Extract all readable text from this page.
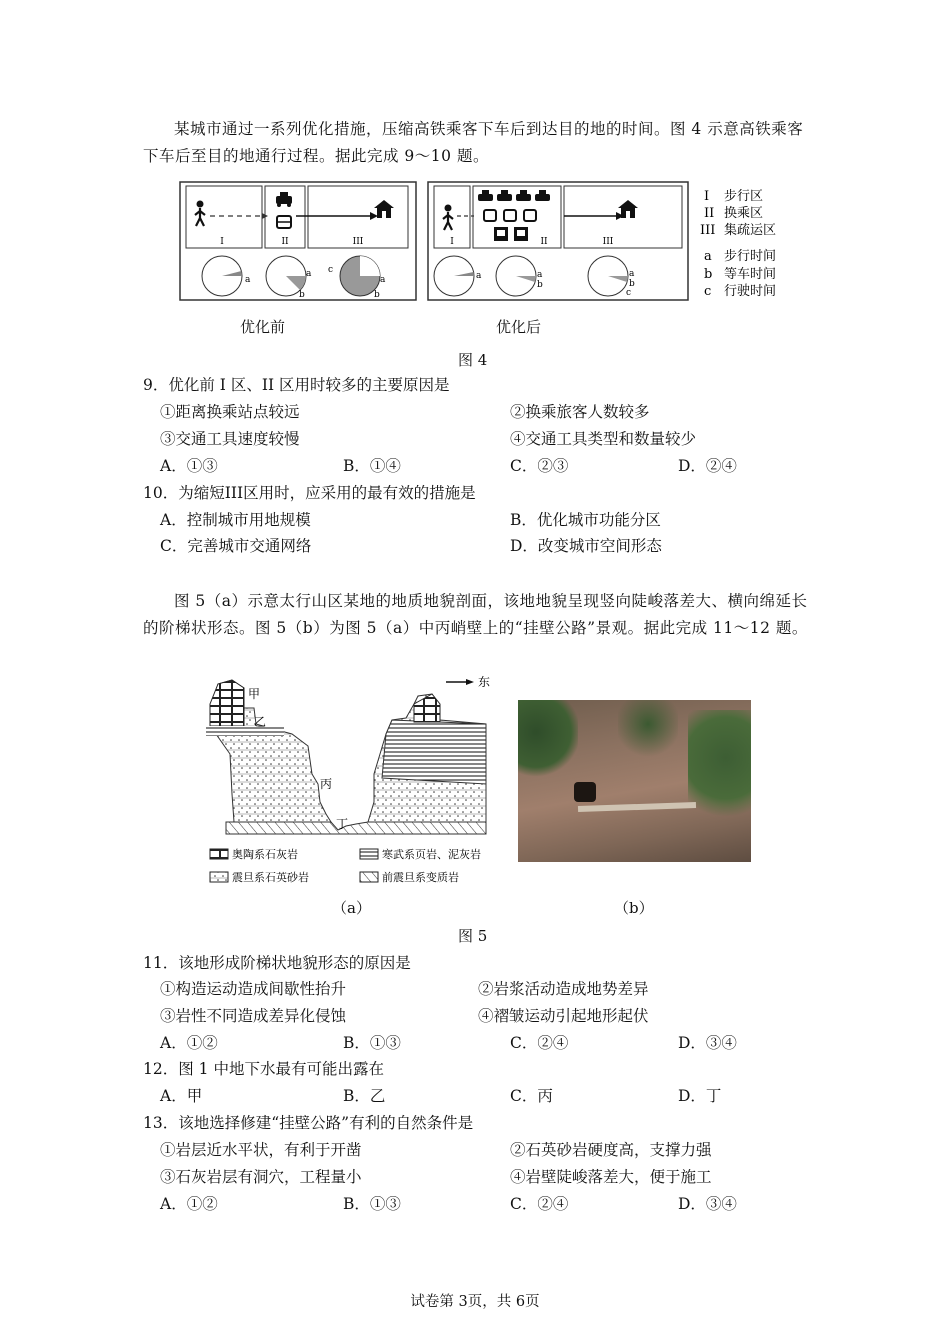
某城市通过一系列优化措施，压缩高铁乘客下车后到达目的地的时间。图 4 示意高铁乘客下车后至目的地通行过程。据此完成 9～10 题。
I	II	III
a
a
b
c
a
b
I	II	III
a	a
b
a
b
c
I 步行区
II 换乘区
III 集疏运区
a 步行时间
b 等车时间
c 行驶时间
优化前	优化后
图 4
9．优化前 I 区、II 区用时较多的主要原因是
①距离换乘站点较远	②换乘旅客人数较多
③交通工具速度较慢	④交通工具类型和数量较少
A．①③	B．①④	C．②③	D．②④
10．为缩短III区用时，应采用的最有效的措施是
A．控制城市用地规模	B．优化城市功能分区
C．完善城市交通网络	D．改变城市空间形态
图 5（a）示意太行山区某地的地质地貌剖面，该地地貌呈现竖向陡峻落差大、横向绵延长的阶梯状形态。图 5（b）为图 5（a）中丙峭壁上的“挂壁公路”景观。据此完成 11～12 题。
甲
乙
丙
丁
东
奥陶系石灰岩	寒武系页岩、泥灰岩
震旦系石英砂岩	前震旦系变质岩
（a）	（b）
图 5
11．该地形成阶梯状地貌形态的原因是
①构造运动造成间歇性抬升	②岩浆活动造成地势差异
③岩性不同造成差异化侵蚀	④褶皱运动引起地形起伏
A．①②	B．①③	C．②④	D．③④
12．图 1 中地下水最有可能出露在
A．甲	B．乙	C．丙	D．丁
13．该地选择修建“挂壁公路”有利的自然条件是
①岩层近水平状，有利于开凿	②石英砂岩硬度高，支撑力强
③石灰岩层有洞穴，工程量小	④岩壁陡峻落差大，便于施工
A．①②	B．①③	C．②④	D．③④
试卷第 3页，共 6页
